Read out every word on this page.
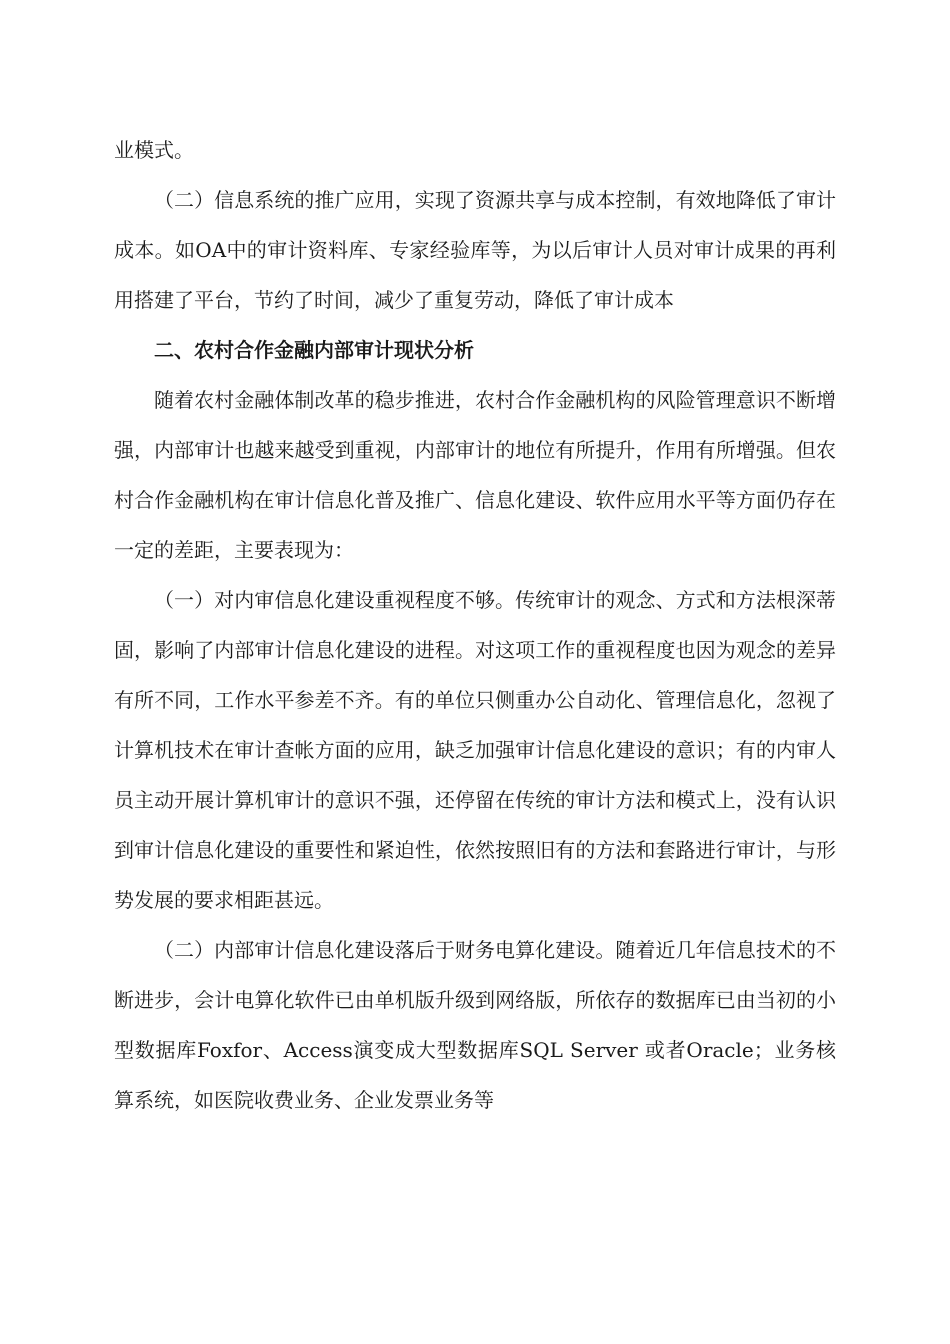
业模式。

（二）信息系统的推广应用，实现了资源共享与成本控制，有效地降低了审计成本。如OA中的审计资料库、专家经验库等，为以后审计人员对审计成果的再利用搭建了平台，节约了时间，减少了重复劳动，降低了审计成本

二、农村合作金融内部审计现状分析

随着农村金融体制改革的稳步推进，农村合作金融机构的风险管理意识不断增强，内部审计也越来越受到重视，内部审计的地位有所提升，作用有所增强。但农村合作金融机构在审计信息化普及推广、信息化建设、软件应用水平等方面仍存在一定的差距，主要表现为：

（一）对内审信息化建设重视程度不够。传统审计的观念、方式和方法根深蒂固，影响了内部审计信息化建设的进程。对这项工作的重视程度也因为观念的差异有所不同，工作水平参差不齐。有的单位只侧重办公自动化、管理信息化，忽视了计算机技术在审计查帐方面的应用，缺乏加强审计信息化建设的意识；有的内审人员主动开展计算机审计的意识不强，还停留在传统的审计方法和模式上，没有认识到审计信息化建设的重要性和紧迫性，依然按照旧有的方法和套路进行审计，与形势发展的要求相距甚远。

（二）内部审计信息化建设落后于财务电算化建设。随着近几年信息技术的不断进步，会计电算化软件已由单机版升级到网络版，所依存的数据库已由当初的小型数据库Foxfor、Access演变成大型数据库SQL Server 或者Oracle；业务核算系统，如医院收费业务、企业发票业务等
